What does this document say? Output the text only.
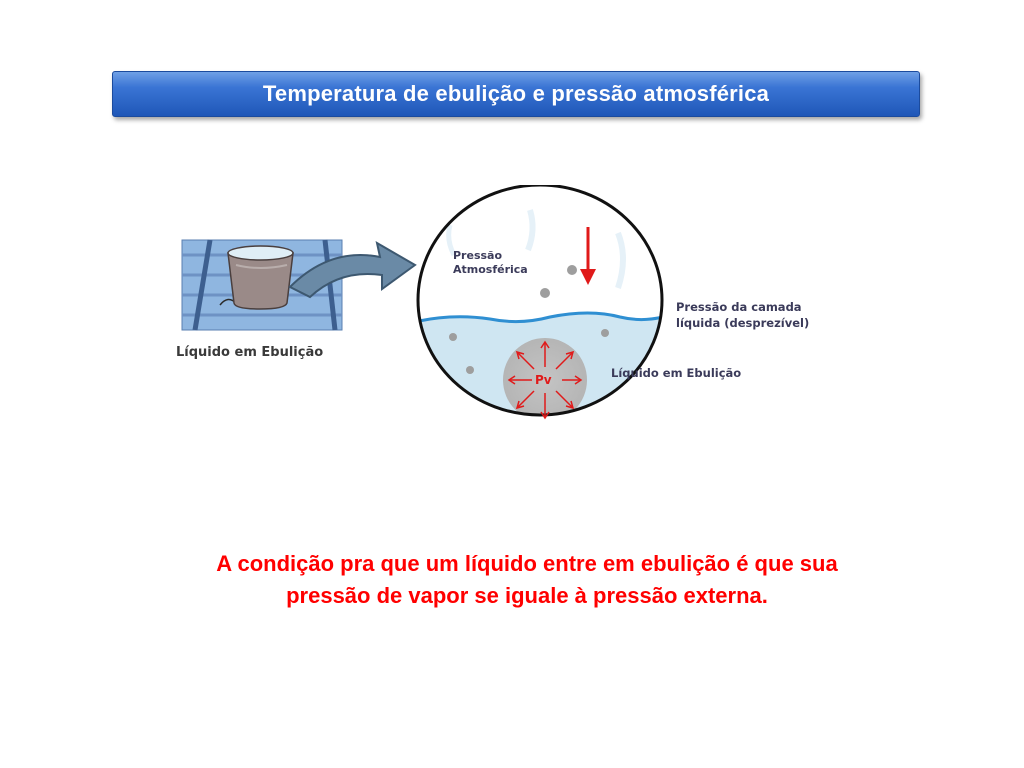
Temperatura de ebulição e pressão atmosférica
Líquido em Ebulição
Pressão
Atmosférica
Pressão da camada
líquida (desprezível)
Líquido em Ebulição
Pv
A condição pra que um líquido entre em ebulição é que sua
pressão de vapor se iguale à pressão externa.
